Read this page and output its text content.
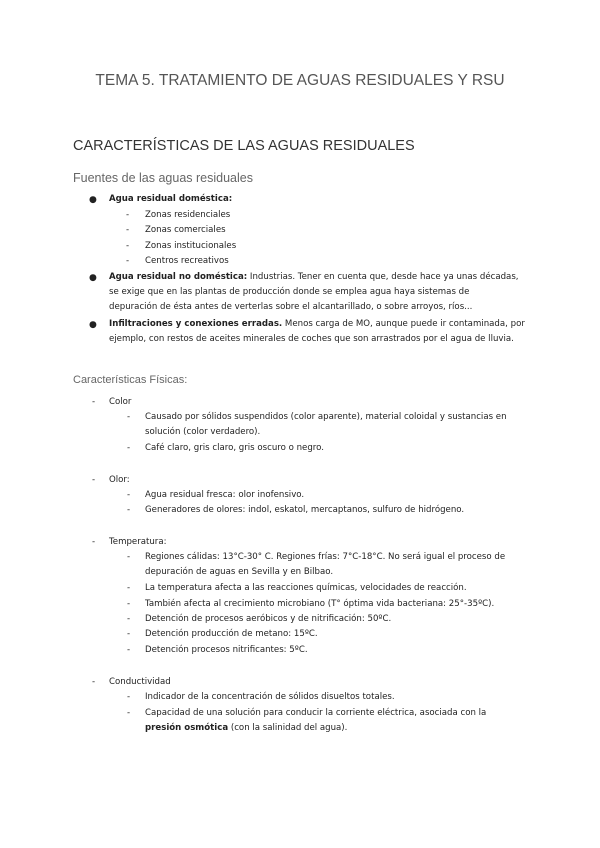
TEMA 5. TRATAMIENTO DE AGUAS RESIDUALES Y RSU
CARACTERÍSTICAS DE LAS AGUAS RESIDUALES
Fuentes de las aguas residuales
● Agua residual doméstica:
- Zonas residenciales
- Zonas comerciales
- Zonas institucionales
- Centros recreativos
● Agua residual no doméstica: Industrias. Tener en cuenta que, desde hace ya unas décadas,
se exige que en las plantas de producción donde se emplea agua haya sistemas de
depuración de ésta antes de verterlas sobre el alcantarillado, o sobre arroyos, ríos...
● Infiltraciones y conexiones erradas. Menos carga de MO, aunque puede ir contaminada, por
ejemplo, con restos de aceites minerales de coches que son arrastrados por el agua de lluvia.
Características Físicas:
- Color
- Causado por sólidos suspendidos (color aparente), material coloidal y sustancias en
solución (color verdadero).
- Café claro, gris claro, gris oscuro o negro.
- Olor:
- Agua residual fresca: olor inofensivo.
- Generadores de olores: indol, eskatol, mercaptanos, sulfuro de hidrógeno.
- Temperatura:
- Regiones cálidas: 13°C-30° C. Regiones frías: 7°C-18°C. No será igual el proceso de
depuración de aguas en Sevilla y en Bilbao.
- La temperatura afecta a las reacciones químicas, velocidades de reacción.
- También afecta al crecimiento microbiano (T° óptima vida bacteriana: 25°-35ºC).
- Detención de procesos aeróbicos y de nitrificación: 50ºC.
- Detención producción de metano: 15ºC.
- Detención procesos nitrificantes: 5ºC.
- Conductividad
- Indicador de la concentración de sólidos disueltos totales.
- Capacidad de una solución para conducir la corriente eléctrica, asociada con la
presión osmótica (con la salinidad del agua).
